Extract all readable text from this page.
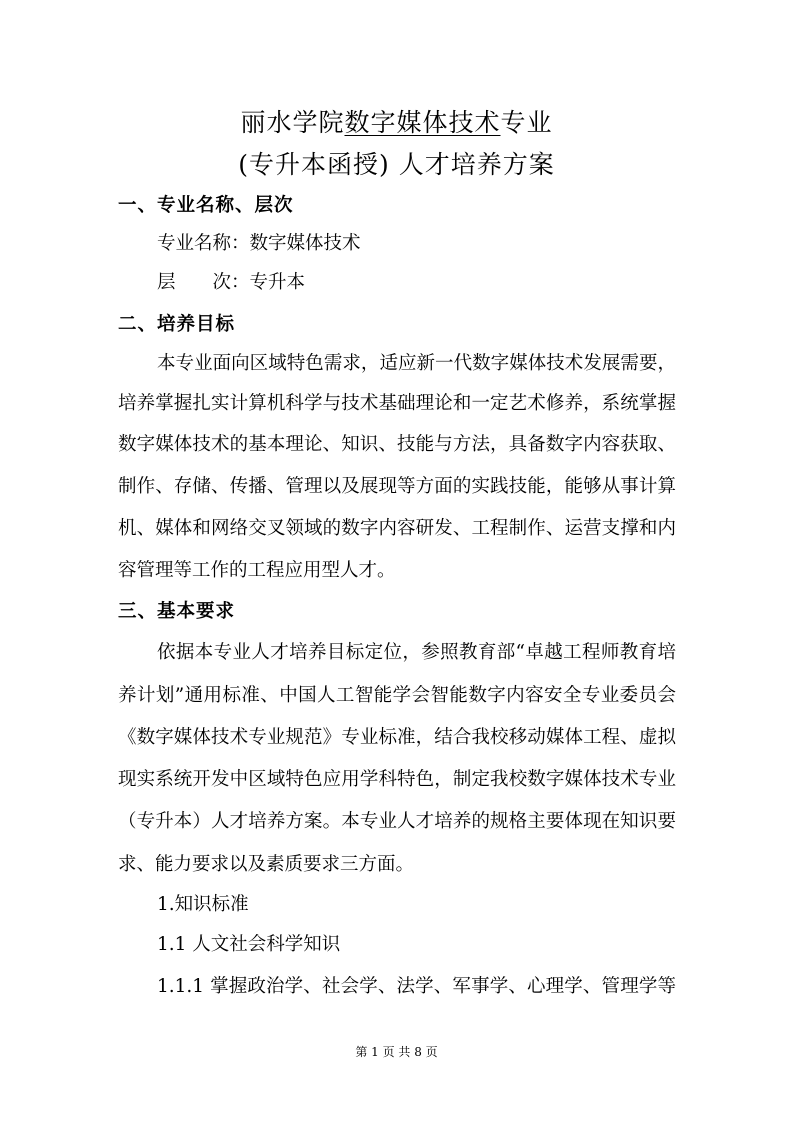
丽水学院数字媒体技术专业
(专升本函授) 人才培养方案
一、专业名称、层次
专业名称：数字媒体技术
层　　次：专升本
二、培养目标
本专业面向区域特色需求，适应新一代数字媒体技术发展需要，
培养掌握扎实计算机科学与技术基础理论和一定艺术修养，系统掌握
数字媒体技术的基本理论、知识、技能与方法，具备数字内容获取、
制作、存储、传播、管理以及展现等方面的实践技能，能够从事计算
机、媒体和网络交叉领域的数字内容研发、工程制作、运营支撑和内
容管理等工作的工程应用型人才。
三、基本要求
依据本专业人才培养目标定位，参照教育部“卓越工程师教育培
养计划”通用标准、中国人工智能学会智能数字内容安全专业委员会
《数字媒体技术专业规范》专业标准，结合我校移动媒体工程、虚拟
现实系统开发中区域特色应用学科特色，制定我校数字媒体技术专业
（专升本）人才培养方案。本专业人才培养的规格主要体现在知识要
求、能力要求以及素质要求三方面。
1.知识标准
1.1 人文社会科学知识
1.1.1 掌握政治学、社会学、法学、军事学、心理学、管理学等
第 1 页 共 8 页
